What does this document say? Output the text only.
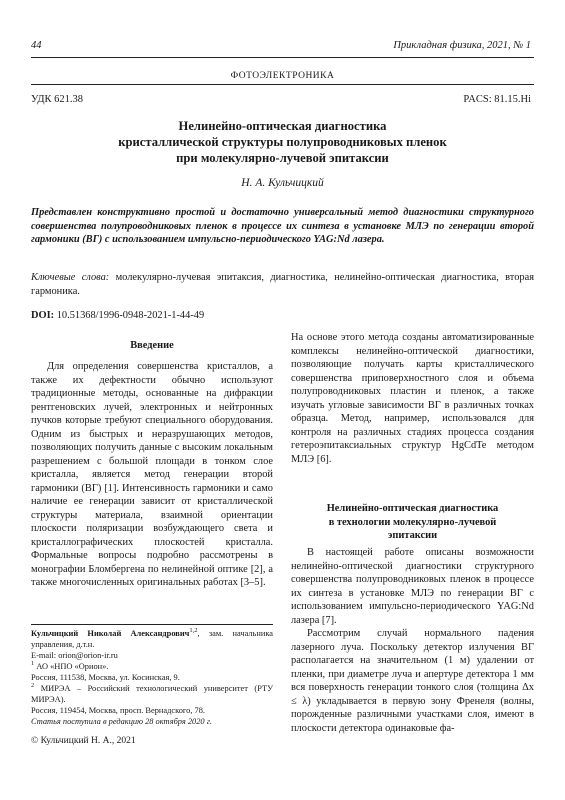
44	Прикладная физика, 2021, № 1
ФОТОЭЛЕКТРОНИКА
УДК 621.38	PACS: 81.15.Hi
Нелинейно-оптическая диагностика
кристаллической структуры полупроводниковых пленок
при молекулярно-лучевой эпитаксии
Н. А. Кульчицкий
Представлен конструктивно простой и достаточно универсальный метод диагностики структурного совершенства полупроводниковых пленок в процессе их синтеза в установке МЛЭ по генерации второй гармоники (ВГ) с использованием импульсно-периодического YAG:Nd лазера.
Ключевые слова: молекулярно-лучевая эпитаксия, диагностика, нелинейно-оптическая диагностика, вторая гармоника.
DOI: 10.51368/1996-0948-2021-1-44-49
Введение

Для определения совершенства кристаллов, а также их дефектности обычно используют традиционные методы, основанные на дифракции рентгеновских лучей, электронных и нейтронных пучков которые требуют специального оборудования. Одним из быстрых и неразрушающих методов, позволяющих получить данные с высоким локальным разрешением с большой площади в тонком слое кристалла, является метод генерации второй гармоники (ВГ) [1]. Интенсивность гармоники и само наличие ее генерации зависит от кристаллической структуры материала, взаимной ориентации плоскости поляризации возбуждающего света и кристаллографических плоскостей кристалла. Формальные вопросы подробно рассмотрены в монографии Бломбергена по нелинейной оптике [2], а также многочисленных оригинальных работах [3–5].

На основе этого метода созданы автоматизированные комплексы нелинейно-оптической диагностики, позволяющие получать карты кристаллического совершенства приповерхностного слоя и объема полупроводниковых пластин и пленок, а также изучать угловые зависимости ВГ в различных точках образца. Метод, например, использовался для контроля на различных стадиях процесса создания гетероэпитаксиальных структур HgCdTe методом МЛЭ [6].

Нелинейно-оптическая диагностика
в технологии молекулярно-лучевой
эпитаксии

В настоящей работе описаны возможности нелинейно-оптической диагностики структурного совершенства полупроводниковых пленок в процессе их синтеза в установке МЛЭ по генерации ВГ с использованием импульсно-периодического YAG:Nd лазера [7].

Рассмотрим случай нормального падения лазерного луча. Поскольку детектор излучения ВГ располагается на значительном (1 м) удалении от пленки, при диаметре луча и апертуре детектора 1 мм вся поверхность генерации тонкого слоя (толщина Δx ≤ λ) укладывается в первую зону Френеля (волны, порожденные различными участками слоя, имеют в плоскости детектора одинаковые фа-

Кульчицкий Николай Александрович$^{1,2}$, зам. начальника управления, д.т.н.
E-mail: orion@orion-ir.ru
$^1$ АО «НПО «Орион».
Россия, 111538, Москва, ул. Косинская, 9.
$^2$ МИРЭА – Российский технологический университет (РТУ МИРЭА).
Россия, 119454, Москва, просп. Вернадского, 78.
Статья поступила в редакцию 28 октября 2020 г.
© Кульчицкий Н. А., 2021
